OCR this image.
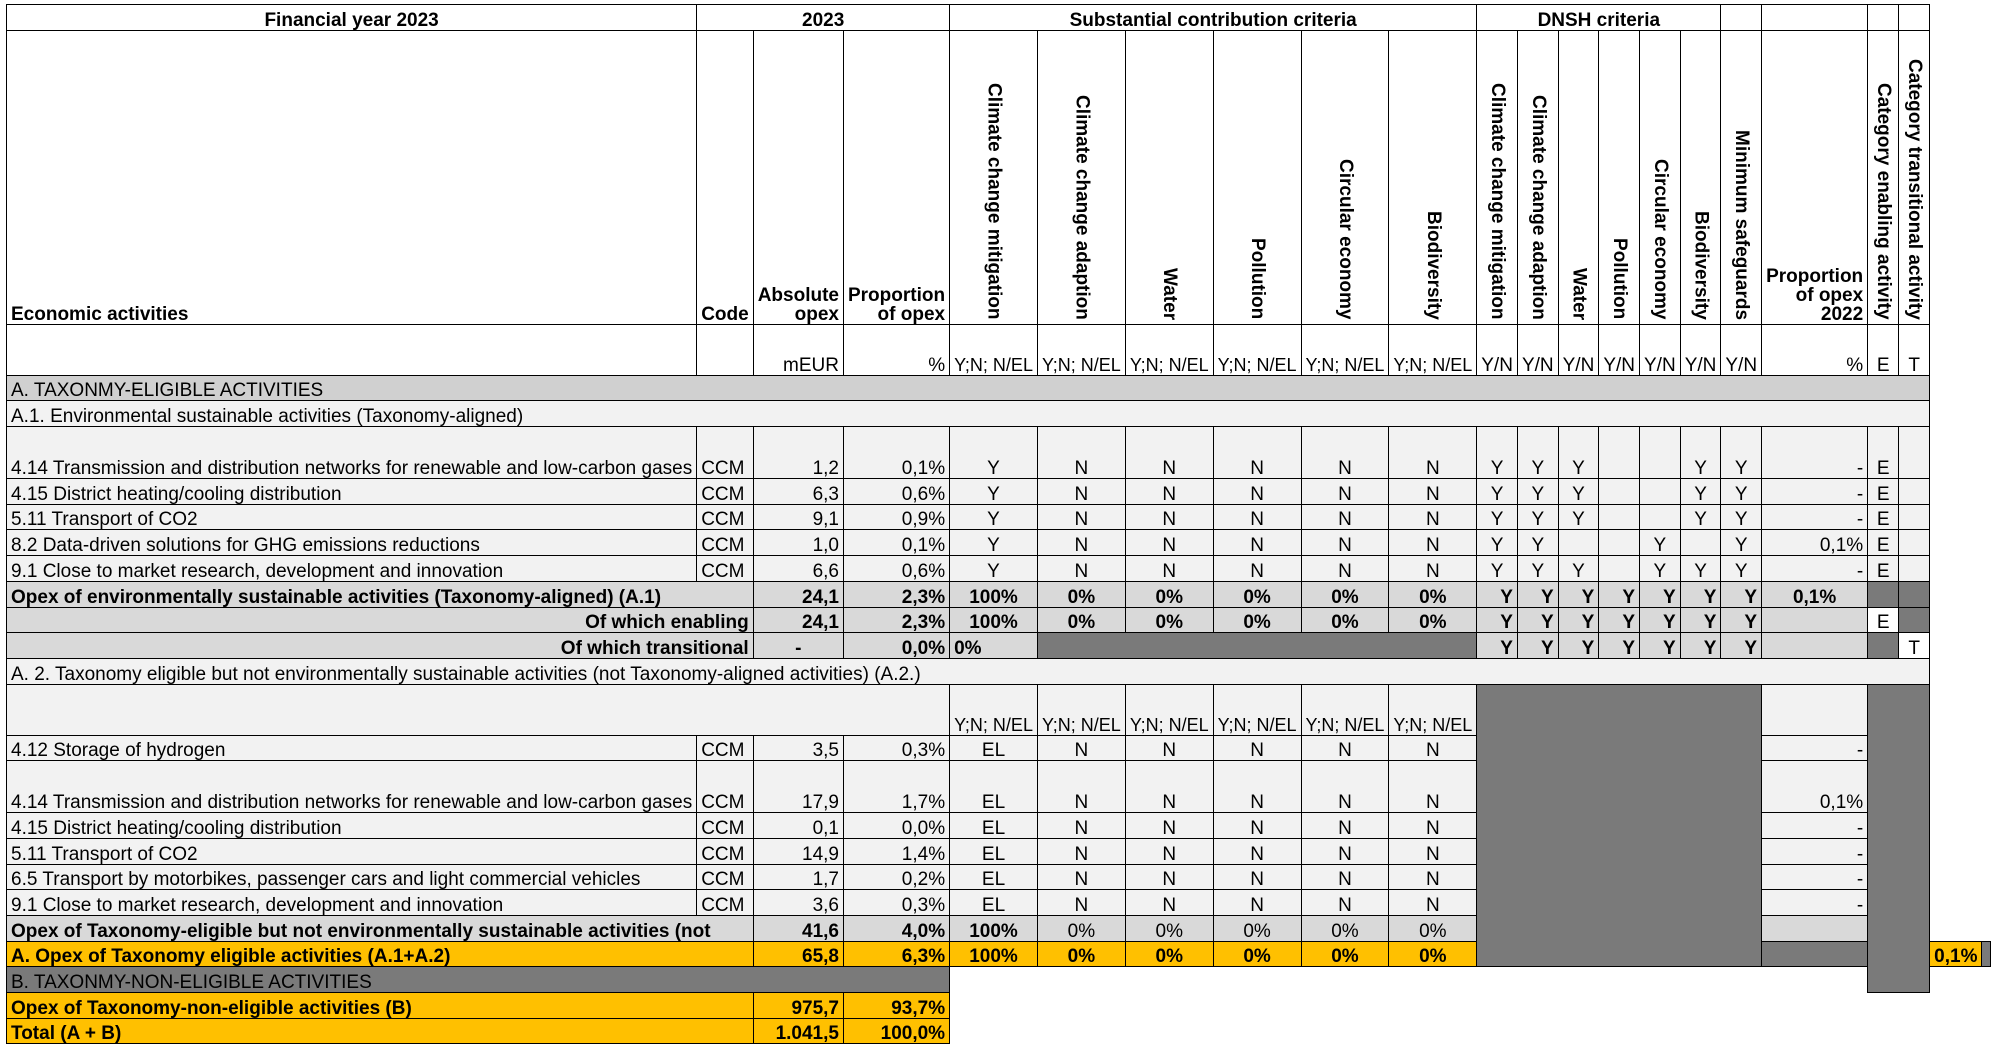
Financial year 2023	2023			Substantial contribution criteria						DNSH criteria											
Economic activities	Code	Absolute
opex	Proportion
of opex	Climate change mitigation	Climate change adaption	Water	Pollution	Circular economy	Biodiversity	Climate change mitigation	Climate change adaption	Water	Pollution	Circular economy	Biodiversity	Minimum safeguards	Proportion
of opex
2022	Category enabling activity	Category transitional activity		
		mEUR	%	Y;N; N/EL	Y;N; N/EL	Y;N; N/EL	Y;N; N/EL	Y;N; N/EL	Y;N; N/EL	Y/N	Y/N	Y/N	Y/N	Y/N	Y/N	Y/N	%	E	T		
A. TAXONMY-ELIGIBLE ACTIVITIES																					
A.1. Environmental sustainable activities (Taxonomy-aligned)																					
4.14 Transmission and distribution networks for renewable and low-carbon gases	CCM	1,2	0,1%	Y	N	N	N	N	N	Y	Y	Y			Y	Y	-	E			
4.15 District heating/cooling distribution	CCM	6,3	0,6%	Y	N	N	N	N	N	Y	Y	Y			Y	Y	-	E			
5.11 Transport of CO2	CCM	9,1	0,9%	Y	N	N	N	N	N	Y	Y	Y			Y	Y	-	E			
8.2 Data-driven solutions for GHG emissions reductions	CCM	1,0	0,1%	Y	N	N	N	N	N	Y	Y			Y		Y	0,1%	E			
9.1 Close to market research, development and innovation	CCM	6,6	0,6%	Y	N	N	N	N	N	Y	Y	Y		Y	Y	Y	-	E			
Opex of environmentally sustainable activities (Taxonomy-aligned) (A.1)		24,1	2,3%	100%	0%	0%	0%	0%	0%	Y	Y	Y	Y	Y	Y	Y	0,1%				
Of which enabling		24,1	2,3%	100%	0%	0%	0%	0%	0%	Y	Y	Y	Y	Y	Y	Y		E			
Of which transitional		-	0,0%	0%						Y	Y	Y	Y	Y	Y	Y			T		
A. 2. Taxonomy eligible but not environmentally sustainable activities (not Taxonomy-aligned activities) (A.2.)																					
				Y;N; N/EL	Y;N; N/EL	Y;N; N/EL	Y;N; N/EL	Y;N; N/EL	Y;N; N/EL												
4.12 Storage of hydrogen	CCM	3,5	0,3%	EL	N	N	N	N	N								-				
4.14 Transmission and distribution networks for renewable and low-carbon gases	CCM	17,9	1,7%	EL	N	N	N	N	N								0,1%				
4.15 District heating/cooling distribution	CCM	0,1	0,0%	EL	N	N	N	N	N								-				
5.11 Transport of CO2	CCM	14,9	1,4%	EL	N	N	N	N	N								-				
6.5 Transport by motorbikes, passenger cars and light commercial vehicles	CCM	1,7	0,2%	EL	N	N	N	N	N								-				
9.1 Close to market research, development and innovation	CCM	3,6	0,3%	EL	N	N	N	N	N								-				
Opex of Taxonomy-eligible but not environmentally sustainable activities (not		41,6	4,0%	100%	0%	0%	0%	0%	0%												
A. Opex of Taxonomy eligible activities (A.1+A.2)		65,8	6,3%	100%	0%	0%	0%	0%	0%											0,1%	
B. TAXONMY-NON-ELIGIBLE ACTIVITIES																					
Opex of Taxonomy-non-eligible activities (B)		975,7	93,7%																		
Total (A + B)		1.041,5	100,0%																		
